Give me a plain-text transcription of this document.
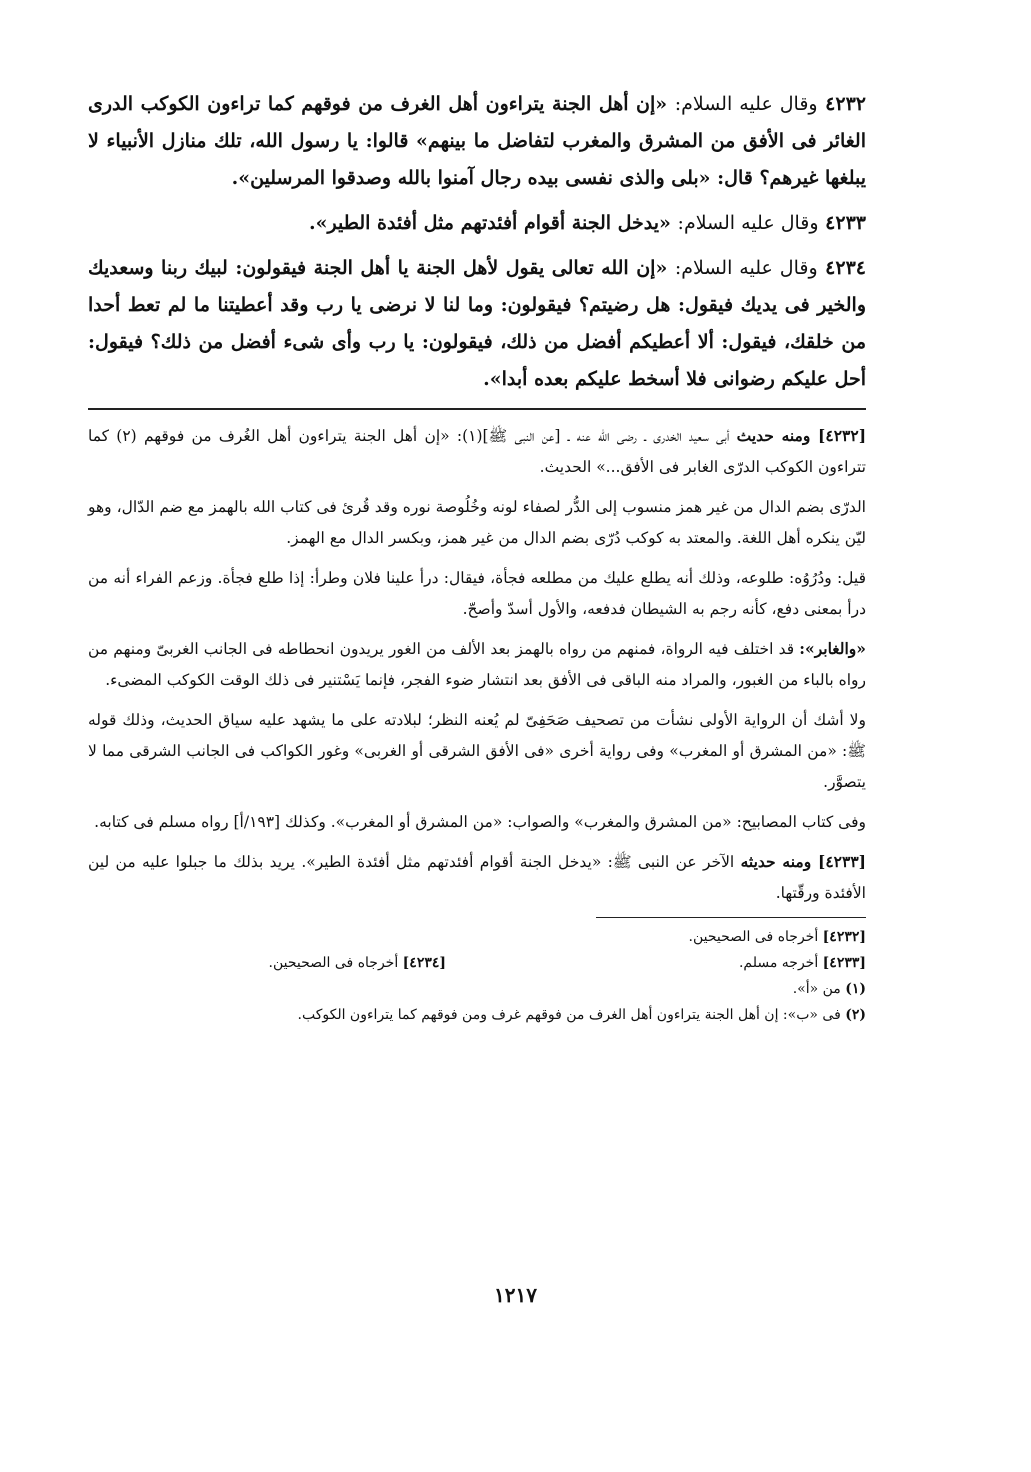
٤٢٣٢ وقال عليه السلام: «إن أهل الجنة يتراءون أهل الغرف من فوقهم كما تراءون الكوكب الدرى الغائر فى الأفق من المشرق والمغرب لتفاضل ما بينهم» قالوا: يا رسول الله، تلك منازل الأنبياء لا يبلغها غيرهم؟ قال: «بلى والذى نفسى بيده رجال آمنوا بالله وصدقوا المرسلين».

٤٢٣٣ وقال عليه السلام: «يدخل الجنة أقوام أفئدتهم مثل أفئدة الطير».

٤٢٣٤ وقال عليه السلام: «إن الله تعالى يقول لأهل الجنة يا أهل الجنة فيقولون: لبيك ربنا وسعديك والخير فى يديك فيقول: هل رضيتم؟ فيقولون: وما لنا لا نرضى يا رب وقد أعطيتنا ما لم تعط أحدا من خلقك، فيقول: ألا أعطيكم أفضل من ذلك، فيقولون: يا رب وأى شىء أفضل من ذلك؟ فيقول: أحل عليكم رضوانى فلا أسخط عليكم بعده أبدا».

[٤٢٣٢] ومنه حديث أبى سعيد الخدرى ـ رضى الله عنه ـ [عن النبى ﷺ](١): «إن أهل الجنة يتراءون أهل الغُرف من فوقهم (٢) كما تتراءون الكوكب الدرّى الغابر فى الأفق...» الحديث.

الدرّى بضم الدال من غير همز منسوب إلى الدُّر لصفاء لونه وخُلُوصة نوره وقد قُرئ فى كتاب الله بالهمز مع ضم الدّال، وهو ليّن ينكره أهل اللغة. والمعتد به كوكب دُرّى بضم الدال من غير همز، وبكسر الدال مع الهمز.

قيل: ودُرُوُه: طلوعه، وذلك أنه يطلع عليك من مطلعه فجأة، فيقال: درأ علينا فلان وطرأ: إذا طلع فجأة. وزعم الفراء أنه من درأ بمعنى دفع، كأنه رجم به الشيطان فدفعه، والأول أسدّ وأصحّ.

«والغابر»: قد اختلف فيه الرواة، فمنهم من رواه بالهمز بعد الألف من الغور يريدون انحطاطه فى الجانب الغربىّ ومنهم من رواه بالباء من الغبور، والمراد منه الباقى فى الأفق بعد انتشار ضوء الفجر، فإنما يَسْتنير فى ذلك الوقت الكوكب المضىء.

ولا أشك أن الرواية الأولى نشأت من تصحيف صَحَفِىّ لم يُعنه النظر؛ لبلادته على ما يشهد عليه سياق الحديث، وذلك قوله ﷺ: «من المشرق أو المغرب» وفى رواية أخرى «فى الأفق الشرقى أو الغربى» وغور الكواكب فى الجانب الشرقى مما لا يتصوَّر.

وفى كتاب المصابيح: «من المشرق والمغرب» والصواب: «من المشرق أو المغرب». وكذلك [١٩٣/أ] رواه مسلم فى كتابه.

[٤٢٣٣] ومنه حديثه الآخر عن النبى ﷺ: «يدخل الجنة أقوام أفئدتهم مثل أفئدة الطير». يريد بذلك ما جبلوا عليه من لين الأفئدة ورقّتها.

[٤٢٣٢] أخرجاه فى الصحيحين.
[٤٢٣٣] أخرجه مسلم.
[٤٢٣٤] أخرجاه فى الصحيحين.
(١) من «أ».
(٢) فى «ب»: إن أهل الجنة يتراءون أهل الغرف من فوقهم غرف ومن فوقهم كما يتراءون الكوكب.
١٢١٧
